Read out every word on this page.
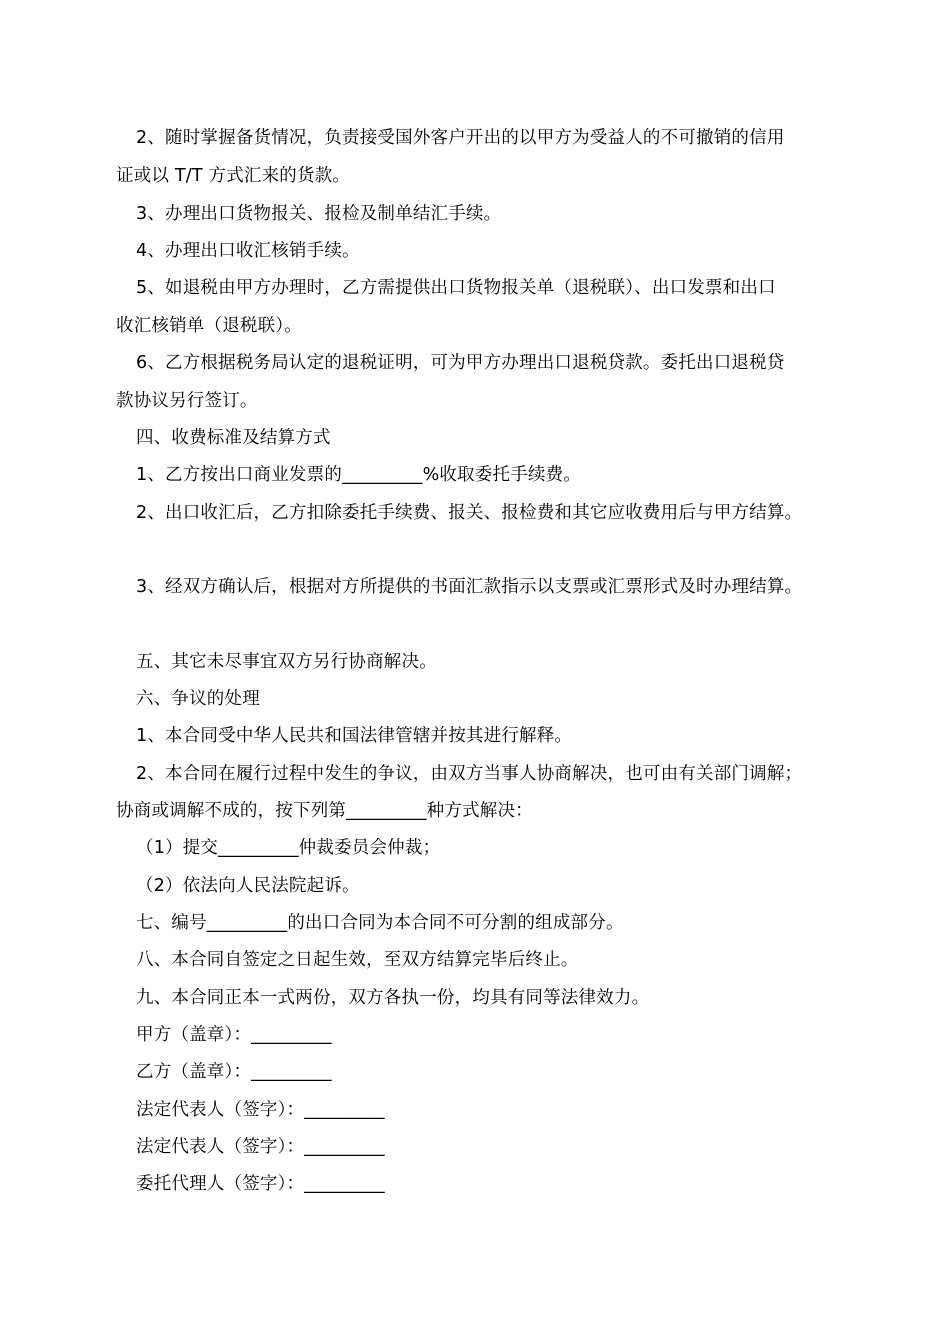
2、随时掌握备货情况，负责接受国外客户开出的以甲方为受益人的不可撤销的信用
证或以 T/T 方式汇来的货款。
3、办理出口货物报关、报检及制单结汇手续。
4、办理出口收汇核销手续。
5、如退税由甲方办理时，乙方需提供出口货物报关单（退税联）、出口发票和出口
收汇核销单（退税联）。
6、乙方根据税务局认定的退税证明，可为甲方办理出口退税贷款。委托出口退税贷
款协议另行签订。
四、收费标准及结算方式
1、乙方按出口商业发票的_________%收取委托手续费。
2、出口收汇后，乙方扣除委托手续费、报关、报检费和其它应收费用后与甲方结算。
3、经双方确认后，根据对方所提供的书面汇款指示以支票或汇票形式及时办理结算。
五、其它未尽事宜双方另行协商解决。
六、争议的处理
1、本合同受中华人民共和国法律管辖并按其进行解释。
2、本合同在履行过程中发生的争议，由双方当事人协商解决，也可由有关部门调解；
协商或调解不成的，按下列第_________种方式解决：
（1）提交_________仲裁委员会仲裁；
（2）依法向人民法院起诉。
七、编号_________的出口合同为本合同不可分割的组成部分。
八、本合同自签定之日起生效，至双方结算完毕后终止。
九、本合同正本一式两份，双方各执一份，均具有同等法律效力。
甲方（盖章）：_________
乙方（盖章）：_________
法定代表人（签字）：_________
法定代表人（签字）：_________
委托代理人（签字）：_________
